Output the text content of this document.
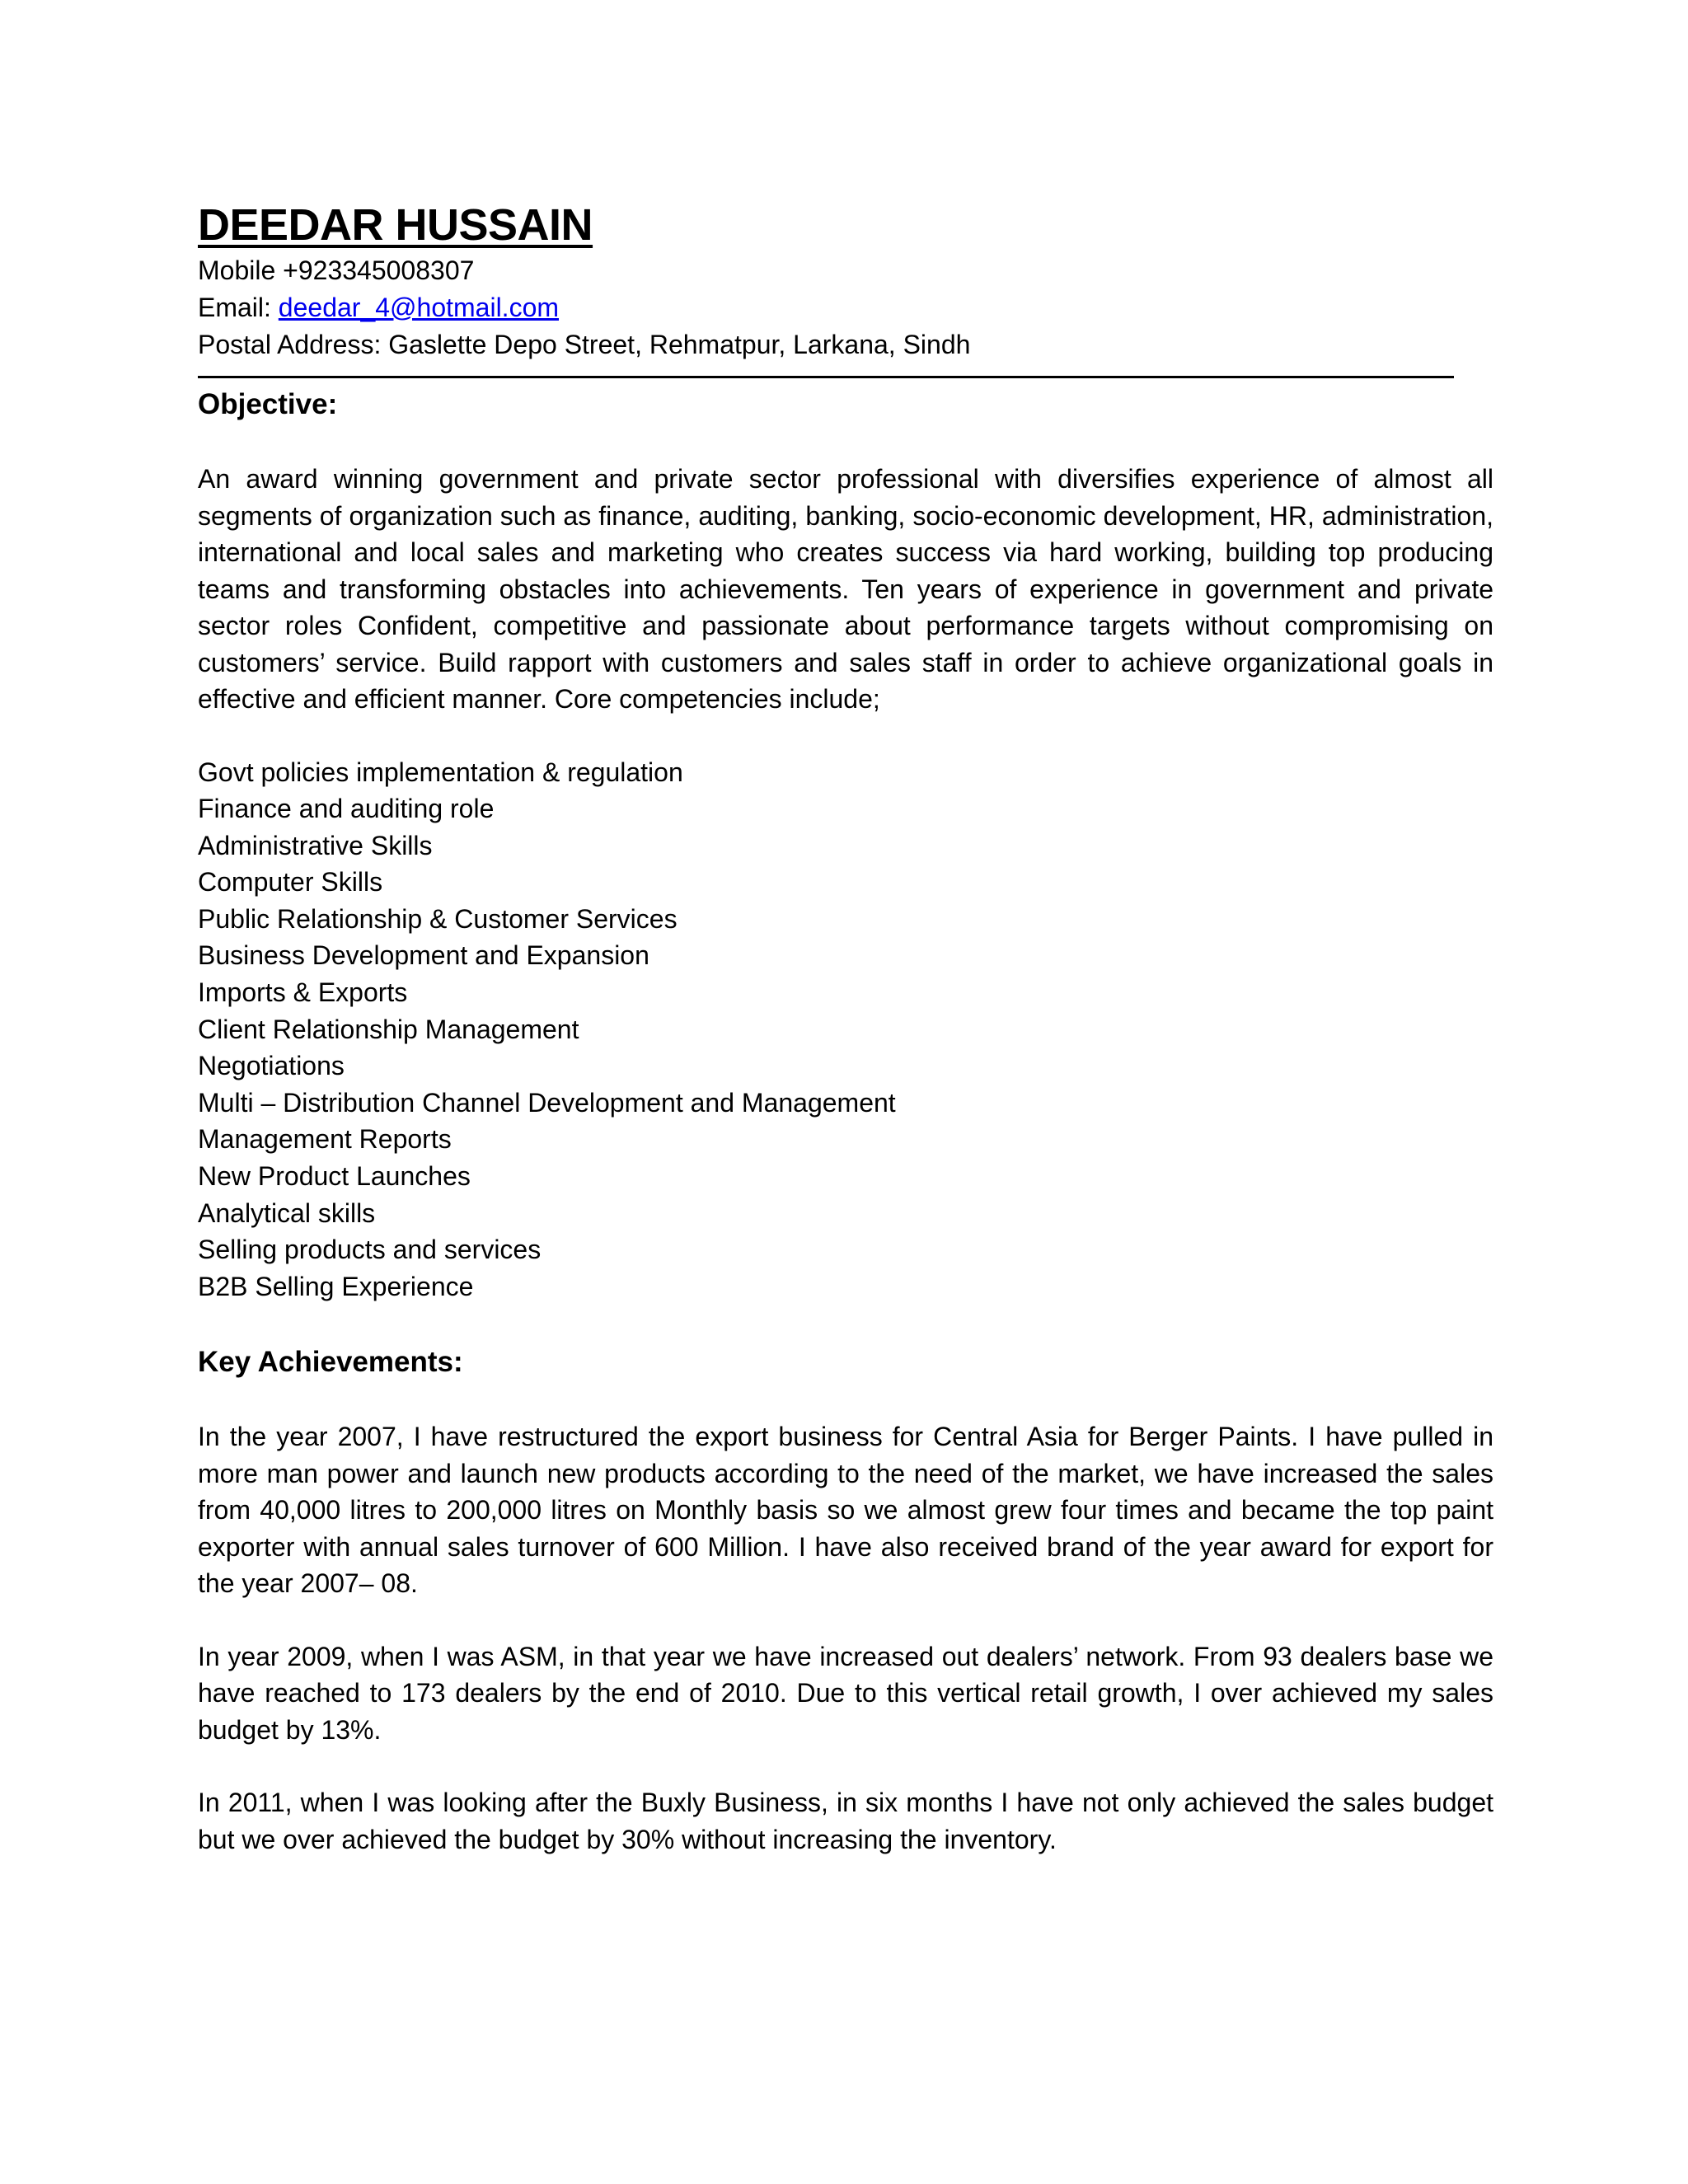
DEEDAR HUSSAIN

Mobile +923345008307

Email: deedar_4@hotmail.com

Postal Address: Gaslette Depo Street, Rehmatpur, Larkana, Sindh

Objective:

An award winning government and private sector professional with diversifies experience of almost all segments of organization such as finance, auditing, banking, socio-economic development, HR, administration, international and local sales and marketing who creates success via hard working, building top producing teams and transforming obstacles into achievements. Ten years of experience in government and private sector roles Confident, competitive and passionate about performance targets without compromising on customers’ service. Build rapport with customers and sales staff in order to achieve organizational goals in effective and efficient manner. Core competencies include;

Govt policies implementation & regulation
Finance and auditing role
Administrative Skills
Computer Skills
Public Relationship & Customer Services
Business Development and Expansion
Imports & Exports
Client Relationship Management
Negotiations
Multi – Distribution Channel Development and Management
Management Reports
New Product Launches
Analytical skills
Selling products and services
B2B Selling Experience
Key Achievements:

In the year 2007, I have restructured the export business for Central Asia for Berger Paints. I have pulled in more man power and launch new products according to the need of the market, we have increased the sales from 40,000 litres to 200,000 litres on Monthly basis so we almost grew four times and became the top paint exporter with annual sales turnover of 600 Million. I have also received brand of the year award for export for the year 2007– 08.

In year 2009, when I was ASM, in that year we have increased out dealers’ network. From 93 dealers base we have reached to 173 dealers by the end of 2010. Due to this vertical retail growth, I over achieved my sales budget by 13%.

In 2011, when I was looking after the Buxly Business, in six months I have not only achieved the sales budget but we over achieved the budget by 30% without increasing the inventory.
